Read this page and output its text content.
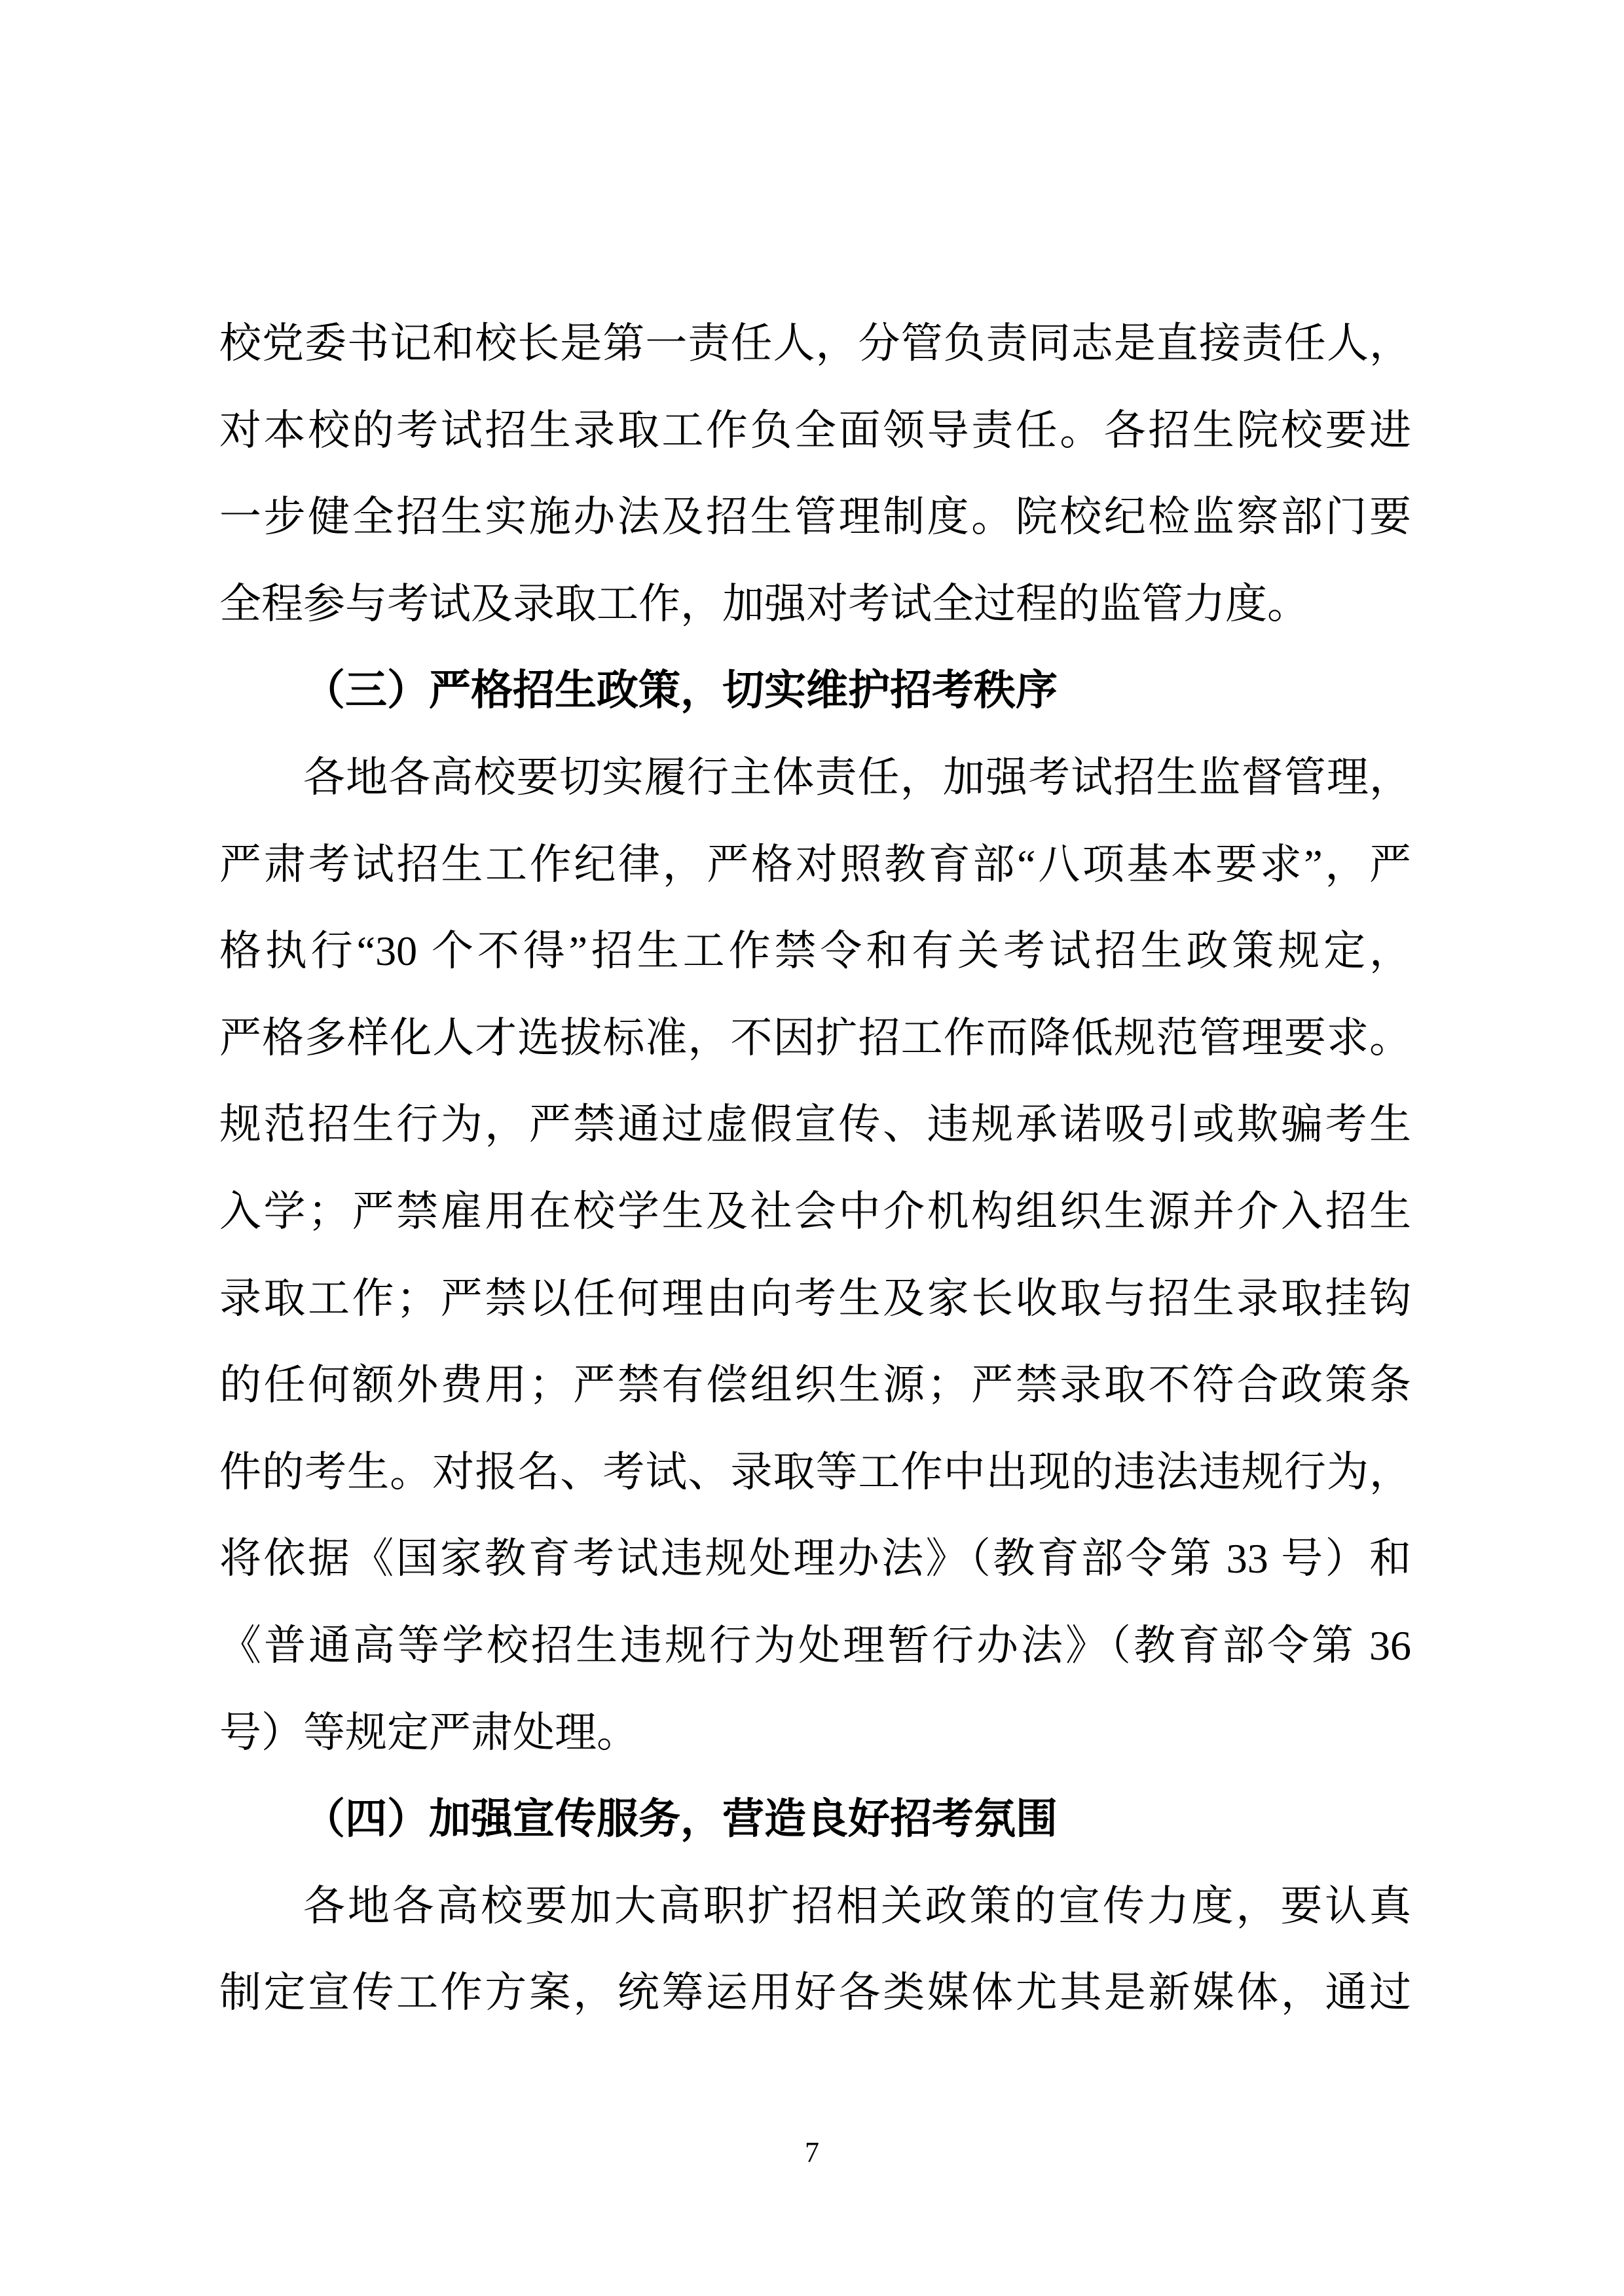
校党委书记和校长是第一责任人，分管负责同志是直接责任人，
对本校的考试招生录取工作负全面领导责任。各招生院校要进
一步健全招生实施办法及招生管理制度。院校纪检监察部门要
全程参与考试及录取工作，加强对考试全过程的监管力度。
（三）严格招生政策，切实维护招考秩序
各地各高校要切实履行主体责任，加强考试招生监督管理，
严肃考试招生工作纪律，严格对照教育部“八项基本要求”，严
格执行“30 个不得”招生工作禁令和有关考试招生政策规定，
严格多样化人才选拔标准，不因扩招工作而降低规范管理要求。
规范招生行为，严禁通过虚假宣传、违规承诺吸引或欺骗考生
入学；严禁雇用在校学生及社会中介机构组织生源并介入招生
录取工作；严禁以任何理由向考生及家长收取与招生录取挂钩
的任何额外费用；严禁有偿组织生源；严禁录取不符合政策条
件的考生。对报名、考试、录取等工作中出现的违法违规行为，
将依据《国家教育考试违规处理办法》（教育部令第 33 号）和
《普通高等学校招生违规行为处理暂行办法》（教育部令第 36
号）等规定严肃处理。
（四）加强宣传服务，营造良好招考氛围
各地各高校要加大高职扩招相关政策的宣传力度，要认真
制定宣传工作方案，统筹运用好各类媒体尤其是新媒体，通过
7
